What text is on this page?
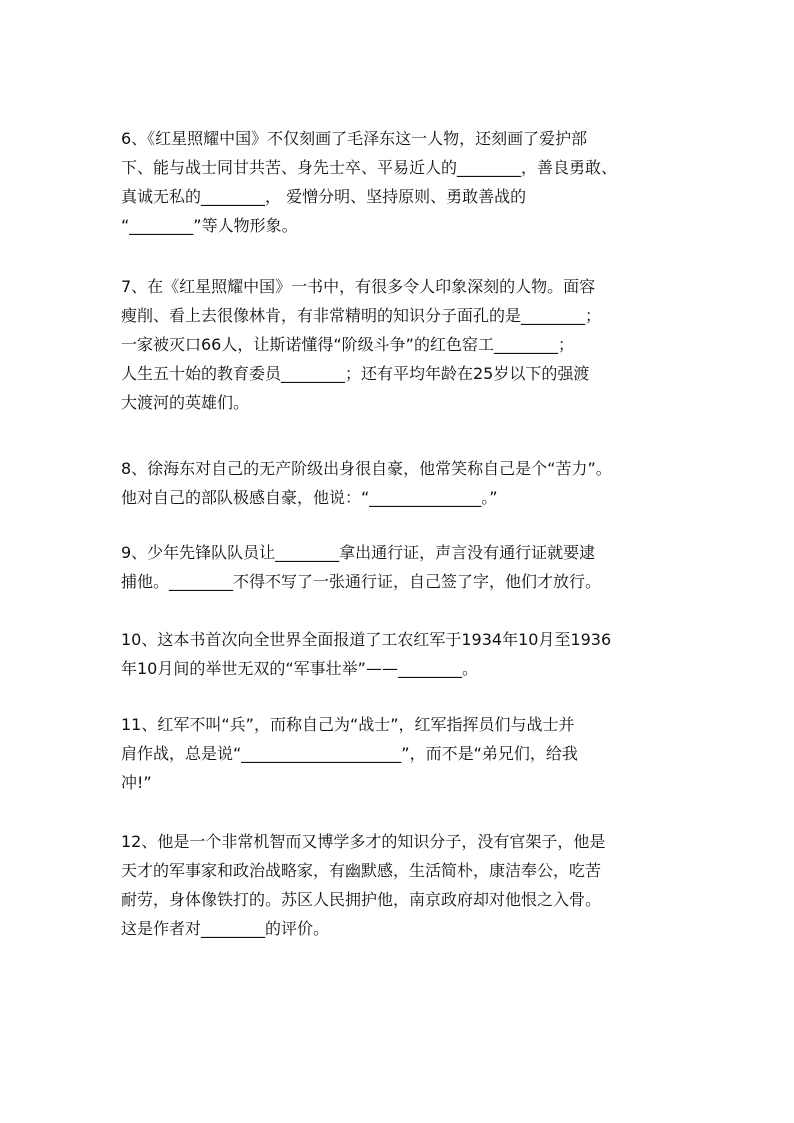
6、《红星照耀中国》不仅刻画了毛泽东这一人物，还刻画了爱护部
下、能与战士同甘共苦、身先士卒、平易近人的________，善良勇敢、
真诚无私的________， 爱憎分明、坚持原则、勇敢善战的
“________”等人物形象。
7、在《红星照耀中国》一书中，有很多令人印象深刻的人物。面容
瘦削、看上去很像林肯，有非常精明的知识分子面孔的是________；
一家被灭口66人，让斯诺懂得“阶级斗争”的红色窑工________；
人生五十始的教育委员________；还有平均年龄在25岁以下的强渡
大渡河的英雄们。
8、徐海东对自己的无产阶级出身很自豪，他常笑称自己是个“苦力”。
他对自己的部队极感自豪，他说：“______________。”
9、少年先锋队队员让________拿出通行证，声言没有通行证就要逮
捕他。________不得不写了一张通行证，自己签了字，他们才放行。
10、这本书首次向全世界全面报道了工农红军于1934年10月至1936
年10月间的举世无双的“军事壮举”——________。
11、红军不叫“兵”，而称自己为“战士”，红军指挥员们与战士并
肩作战，总是说“____________________”，而不是“弟兄们，给我
冲!”
12、他是一个非常机智而又博学多才的知识分子，没有官架子，他是
天才的军事家和政治战略家，有幽默感，生活简朴，康洁奉公，吃苦
耐劳，身体像铁打的。苏区人民拥护他，南京政府却对他恨之入骨。
这是作者对________的评价。
